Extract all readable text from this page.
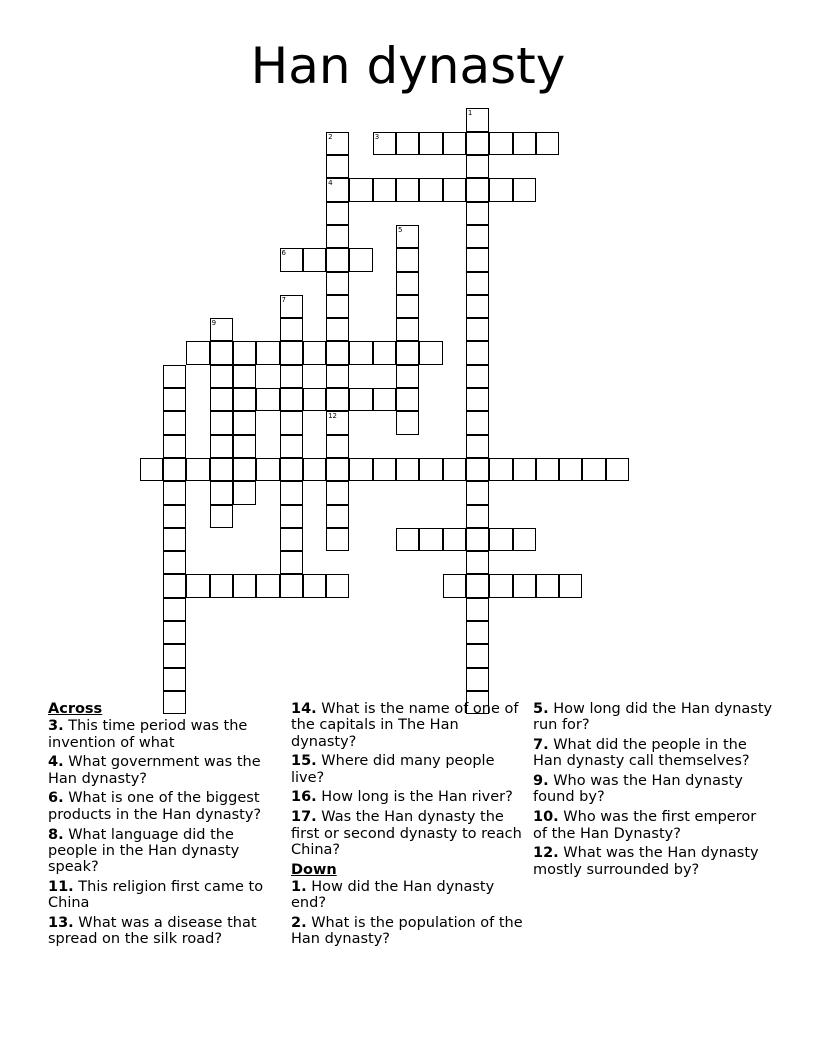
Han dynasty
1
2
4
12
3
5
6
7
9
Across
3. This time period was the invention of what
4. What government was the Han dynasty?
6. What is one of the biggest products in the Han dynasty?
8. What language did the people in the Han dynasty speak?
11. This religion first came to China
13. What was a disease that spread on the silk road?
14. What is the name of one of the capitals in The Han dynasty?
15. Where did many people live?
16. How long is the Han river?
17. Was the Han dynasty the first or second dynasty to reach China?
Down
1. How did the Han dynasty end?
2. What is the population of the Han dynasty?
5. How long did the Han dynasty run for?
7. What did the people in the Han dynasty call themselves?
9. Who was the Han dynasty found by?
10. Who was the first emperor of the Han Dynasty?
12. What was the Han dynasty mostly surrounded by?
